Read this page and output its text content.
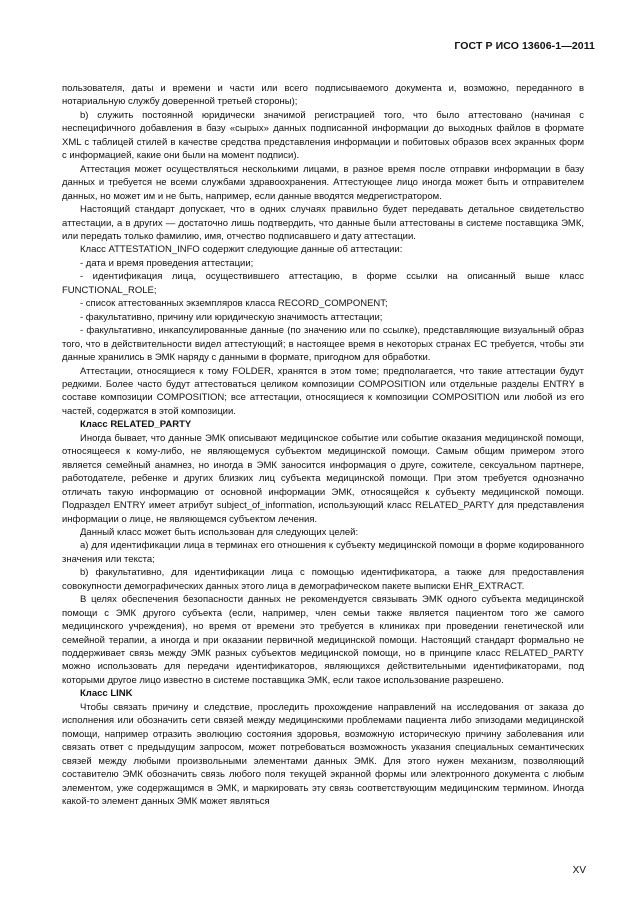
ГОСТ Р ИСО 13606-1—2011

пользователя, даты и времени и части или всего подписываемого документа и, возможно, переданного в нотариальную службу доверенной третьей стороны);

b) служить постоянной юридически значимой регистрацией того, что было аттестовано (начиная с неспецифичного добавления в базу «сырых» данных подписанной информации до выходных файлов в формате XML с таблицей стилей в качестве средства представления информации и побитовых образов всех экранных форм с информацией, какие они были на момент подписи).

Аттестация может осуществляться несколькими лицами, в разное время после отправки информации в базу данных и требуется не всеми службами здравоохранения. Аттестующее лицо иногда может быть и отправителем данных, но может им и не быть, например, если данные вводятся медрегистратором.

Настоящий стандарт допускает, что в одних случаях правильно будет передавать детальное свидетельство аттестации, а в других — достаточно лишь подтвердить, что данные были аттестованы в системе поставщика ЭМК, или передать только фамилию, имя, отчество подписавшего и дату аттестации.

Класс ATTESTATION_INFO содержит следующие данные об аттестации:

- дата и время проведения аттестации;

- идентификация лица, осуществившего аттестацию, в форме ссылки на описанный выше класс FUNCTIONAL_ROLE;

- список аттестованных экземпляров класса RECORD_COMPONENT;

- факультативно, причину или юридическую значимость аттестации;

- факультативно, инкапсулированные данные (по значению или по ссылке), представляющие визуальный образ того, что в действительности видел аттестующий; в настоящее время в некоторых странах ЕС требуется, чтобы эти данные хранились в ЭМК наряду с данными в формате, пригодном для обработки.

Аттестации, относящиеся к тому FOLDER, хранятся в этом томе; предполагается, что такие аттестации будут редкими. Более часто будут аттестоваться целиком композиции COMPOSITION или отдельные разделы ENTRY в составе композиции COMPOSITION; все аттестации, относящиеся к композиции COMPOSITION или любой из его частей, содержатся в этой композиции.

Класс RELATED_PARTY

Иногда бывает, что данные ЭМК описывают медицинское событие или событие оказания медицинской помощи, относящееся к кому-либо, не являющемуся субъектом медицинской помощи. Самым общим примером этого является семейный анамнез, но иногда в ЭМК заносится информация о друге, сожителе, сексуальном партнере, работодателе, ребенке и других близких лиц субъекта медицинской помощи. При этом требуется однозначно отличать такую информацию от основной информации ЭМК, относящейся к субъекту медицинской помощи. Подраздел ENTRY имеет атрибут subject_of_information, использующий класс RELATED_PARTY для представления информации о лице, не являющемся субъектом лечения.

Данный класс может быть использован для следующих целей:

a) для идентификации лица в терминах его отношения к субъекту медицинской помощи в форме кодированного значения или текста;

b) факультативно, для идентификации лица с помощью идентификатора, а также для предоставления совокупности демографических данных этого лица в демографическом пакете выписки EHR_EXTRACT.

В целях обеспечения безопасности данных не рекомендуется связывать ЭМК одного субъекта медицинской помощи с ЭМК другого субъекта (если, например, член семьи также является пациентом того же самого медицинского учреждения), но время от времени это требуется в клиниках при проведении генетической или семейной терапии, а иногда и при оказании первичной медицинской помощи. Настоящий стандарт формально не поддерживает связь между ЭМК разных субъектов медицинской помощи, но в принципе класс RELATED_PARTY можно использовать для передачи идентификаторов, являющихся действительными идентификаторами, под которыми другое лицо известно в системе поставщика ЭМК, если такое использование разрешено.

Класс LINK

Чтобы связать причину и следствие, проследить прохождение направлений на исследования от заказа до исполнения или обозначить сети связей между медицинскими проблемами пациента либо эпизодами медицинской помощи, например отразить эволюцию состояния здоровья, возможную историческую причину заболевания или связать ответ с предыдущим запросом, может потребоваться возможность указания специальных семантических связей между любыми произвольными элементами данных ЭМК. Для этого нужен механизм, позволяющий составителю ЭМК обозначить связь любого поля текущей экранной формы или электронного документа с любым элементом, уже содержащимся в ЭМК, и маркировать эту связь соответствующим медицинским термином. Иногда какой-то элемент данных ЭМК может являться

XV
